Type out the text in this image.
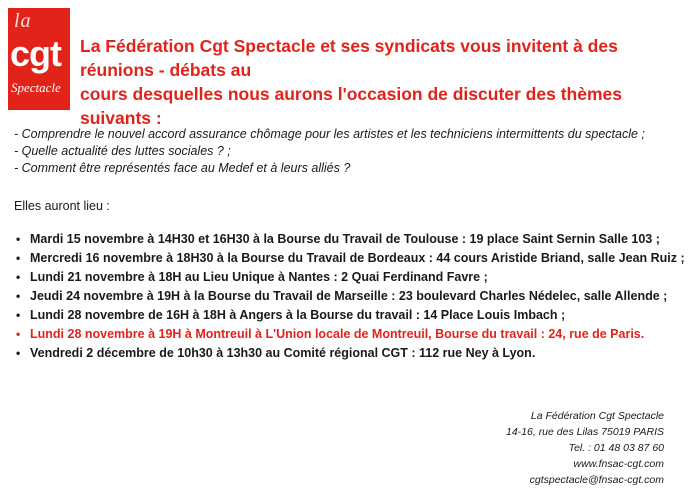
la
cgt
Spectacle
La Fédération Cgt Spectacle et ses syndicats vous invitent à des réunions - débats au
cours desquelles nous aurons l'occasion de discuter des thèmes suivants :
- Comprendre le nouvel accord assurance chômage pour les artistes et les techniciens intermittents du spectacle ;
- Quelle actualité des luttes sociales ? ;
- Comment être représentés face au Medef et à leurs alliés ?
Elles auront lieu :
• Mardi 15 novembre à 14H30 et 16H30 à la Bourse du Travail de Toulouse : 19 place Saint Sernin Salle 103 ;
• Mercredi 16 novembre à 18H30 à la Bourse du Travail de Bordeaux : 44 cours Aristide Briand, salle Jean Ruiz ;
• Lundi 21 novembre à 18H au Lieu Unique à Nantes : 2 Quai Ferdinand Favre ;
• Jeudi 24 novembre à 19H à la Bourse du Travail de Marseille : 23 boulevard Charles Nédelec, salle Allende ;
• Lundi 28 novembre de 16H à 18H à Angers à la Bourse du travail : 14 Place Louis Imbach ;
• Lundi 28 novembre à 19H à Montreuil à L'Union locale de Montreuil, Bourse du travail : 24, rue de Paris.
• Vendredi 2 décembre de 10h30 à 13h30 au Comité régional CGT : 112 rue Ney à Lyon.
La Fédération Cgt Spectacle
14-16, rue des Lilas 75019 PARIS
Tel. : 01 48 03 87 60
www.fnsac-cgt.com
cgtspectacle@fnsac-cgt.com
